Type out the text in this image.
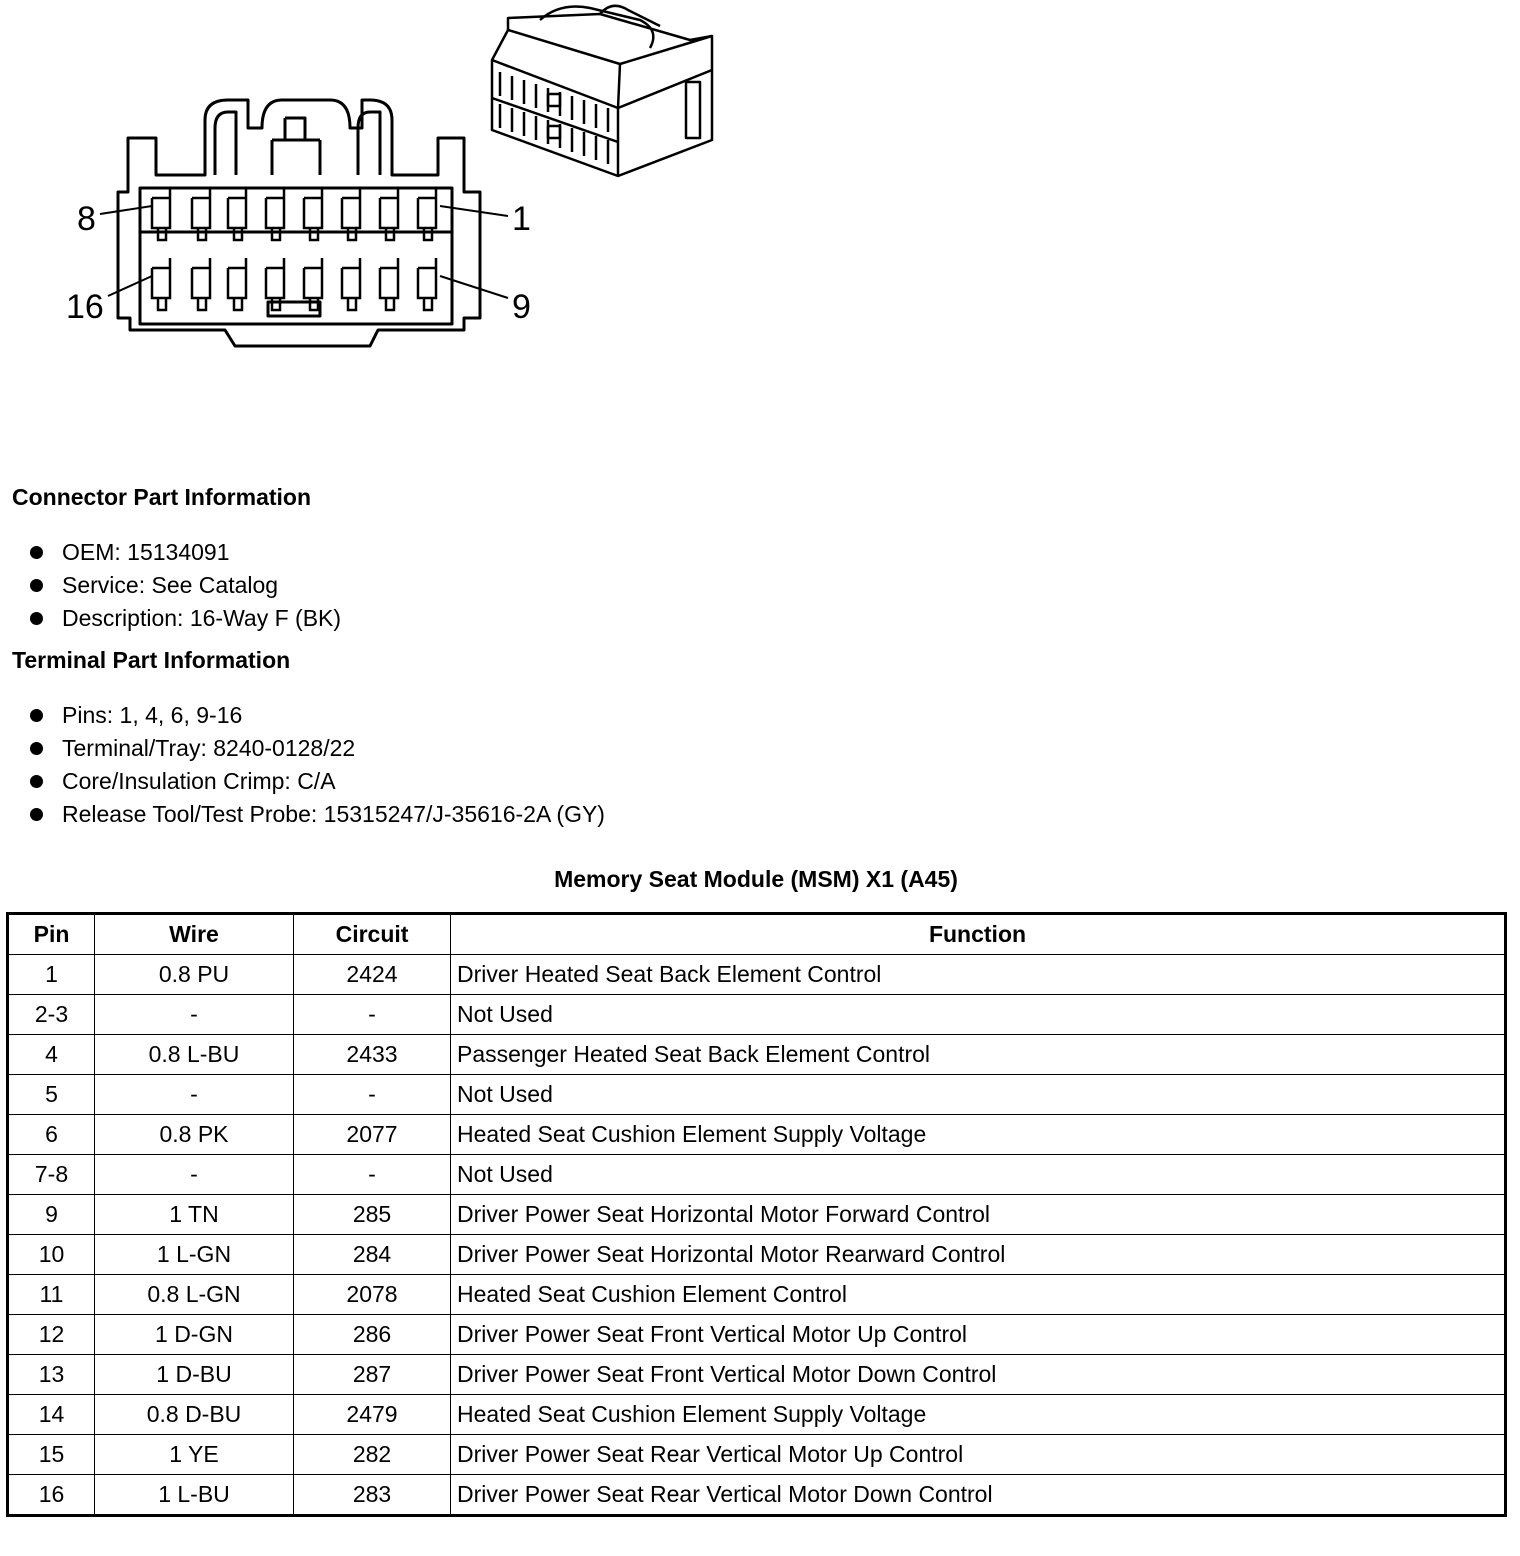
8	1
16	9
Connector Part Information
OEM: 15134091
Service: See Catalog
Description: 16-Way F (BK)
Terminal Part Information
Pins: 1, 4, 6, 9-16
Terminal/Tray: 8240-0128/22
Core/Insulation Crimp: C/A
Release Tool/Test Probe: 15315247/J-35616-2A (GY)
Memory Seat Module (MSM) X1 (A45)
Pin	Wire	Circuit	Function
1	0.8 PU	2424	Driver Heated Seat Back Element Control
2-3	-	-	Not Used
4	0.8 L-BU	2433	Passenger Heated Seat Back Element Control
5	-	-	Not Used
6	0.8 PK	2077	Heated Seat Cushion Element Supply Voltage
7-8	-	-	Not Used
9	1 TN	285	Driver Power Seat Horizontal Motor Forward Control
10	1 L-GN	284	Driver Power Seat Horizontal Motor Rearward Control
11	0.8 L-GN	2078	Heated Seat Cushion Element Control
12	1 D-GN	286	Driver Power Seat Front Vertical Motor Up Control
13	1 D-BU	287	Driver Power Seat Front Vertical Motor Down Control
14	0.8 D-BU	2479	Heated Seat Cushion Element Supply Voltage
15	1 YE	282	Driver Power Seat Rear Vertical Motor Up Control
16	1 L-BU	283	Driver Power Seat Rear Vertical Motor Down Control
